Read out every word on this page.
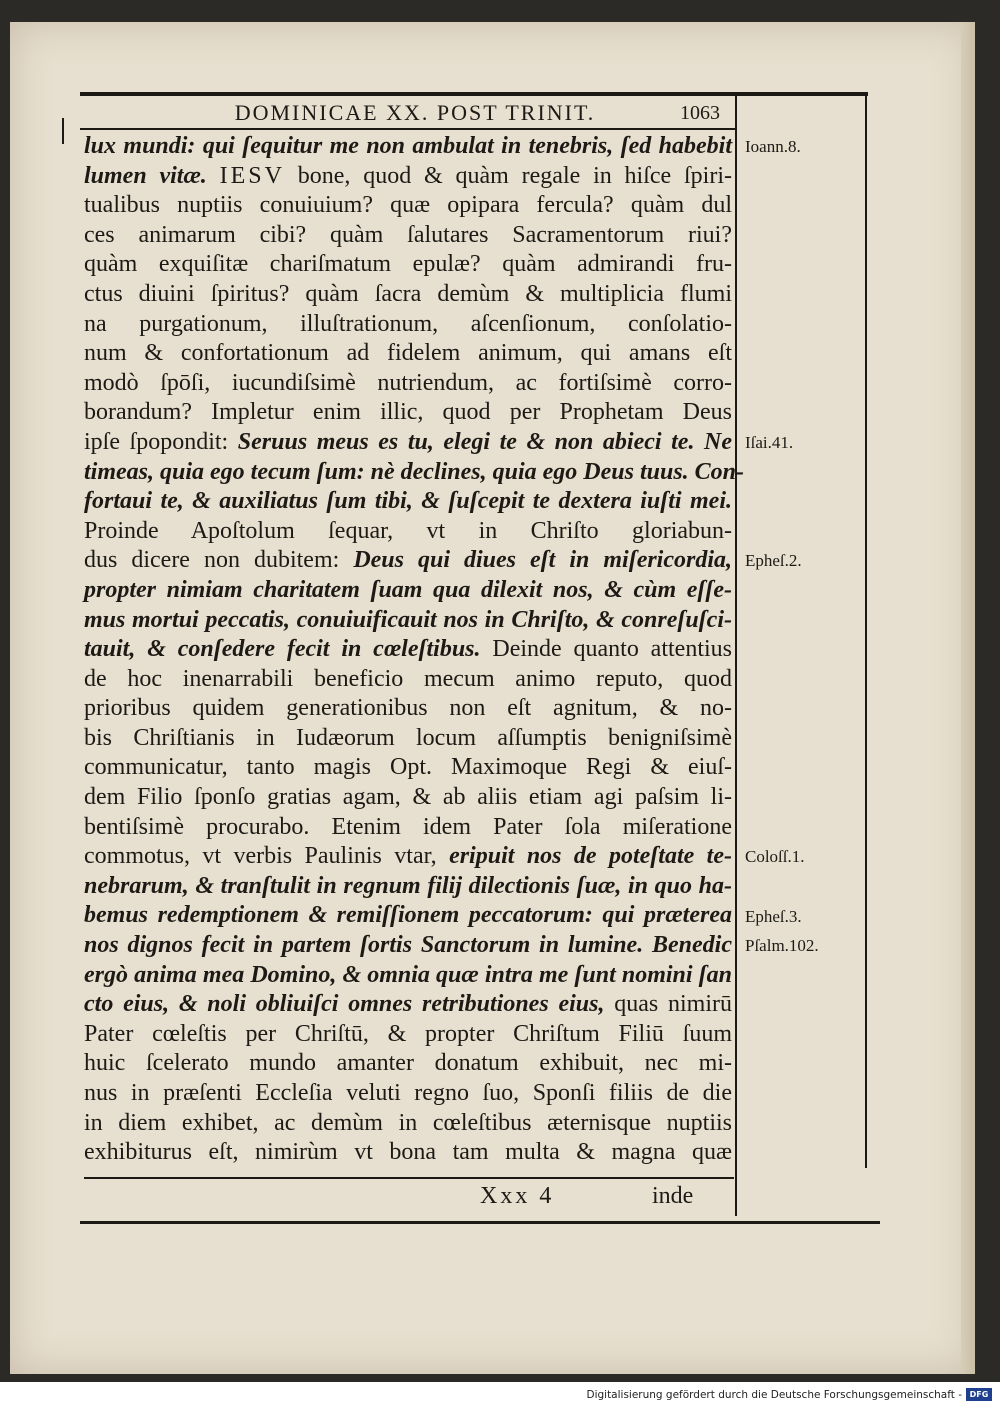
DOMINICAE XX. POST TRINIT.	1063
lux mundi: qui ſequitur me non ambulat in tenebris, ſed habebit
lumen vitæ. IESV bone, quod & quàm regale in hiſce ſpiri-
tualibus nuptiis conuiuium? quæ opipara fercula? quàm dul
ces animarum cibi? quàm ſalutares Sacramentorum riui?
quàm exquiſitæ chariſmatum epulæ? quàm admirandi fru-
ctus diuini ſpiritus? quàm ſacra demùm & multiplicia flumi
na purgationum, illuſtrationum, aſcenſionum, conſolatio-
num & confortationum ad fidelem animum, qui amans eſt
modò ſpōſi, iucundiſsimè nutriendum, ac fortiſsimè corro-
borandum? Impletur enim illic, quod per Prophetam Deus
ipſe ſpopondit: Seruus meus es tu, elegi te & non abieci te. Ne
timeas, quia ego tecum ſum: nè declines, quia ego Deus tuus. Con-
fortaui te, & auxiliatus ſum tibi, & ſuſcepit te dextera iuſti mei.
Proinde Apoſtolum ſequar, vt in Chriſto gloriabun-
dus dicere non dubitem: Deus qui diues eſt in miſericordia,
propter nimiam charitatem ſuam qua dilexit nos, & cùm eſſe-
mus mortui peccatis, conuiuificauit nos in Chriſto, & conreſuſci-
tauit, & conſedere fecit in cœleſtibus. Deinde quanto attentius
de hoc inenarrabili beneficio mecum animo reputo, quod
prioribus quidem generationibus non eſt agnitum, & no-
bis Chriſtianis in Iudæorum locum aſſumptis benigniſsimè
communicatur, tanto magis Opt. Maximoque Regi & eiuſ-
dem Filio ſponſo gratias agam, & ab aliis etiam agi paſsim li-
bentiſsimè procurabo. Etenim idem Pater ſola miſeratione
commotus, vt verbis Paulinis vtar, eripuit nos de poteſtate te-
nebrarum, & tranſtulit in regnum filij dilectionis ſuæ, in quo ha-
bemus redemptionem & remiſſionem peccatorum: qui præterea
nos dignos fecit in partem ſortis Sanctorum in lumine. Benedic
ergò anima mea Domino, & omnia quæ intra me ſunt nomini ſan
cto eius, & noli obliuiſci omnes retributiones eius, quas nimirū
Pater cœleſtis per Chriſtū, & propter Chriſtum Filiū ſuum
huic ſcelerato mundo amanter donatum exhibuit, nec mi-
nus in præſenti Eccleſia veluti regno ſuo, Sponſi filiis de die
in diem exhibet, ac demùm in cœleſtibus æternisque nuptiis
exhibiturus eſt, nimirùm vt bona tam multa & magna quæ
Ioann.8.
Iſai.41.
Epheſ.2.
Coloſſ.1.
Epheſ.3.
Pſalm.102.
Xxx 4	inde
Digitalisierung gefördert durch die Deutsche Forschungsgemeinschaft - DFG
